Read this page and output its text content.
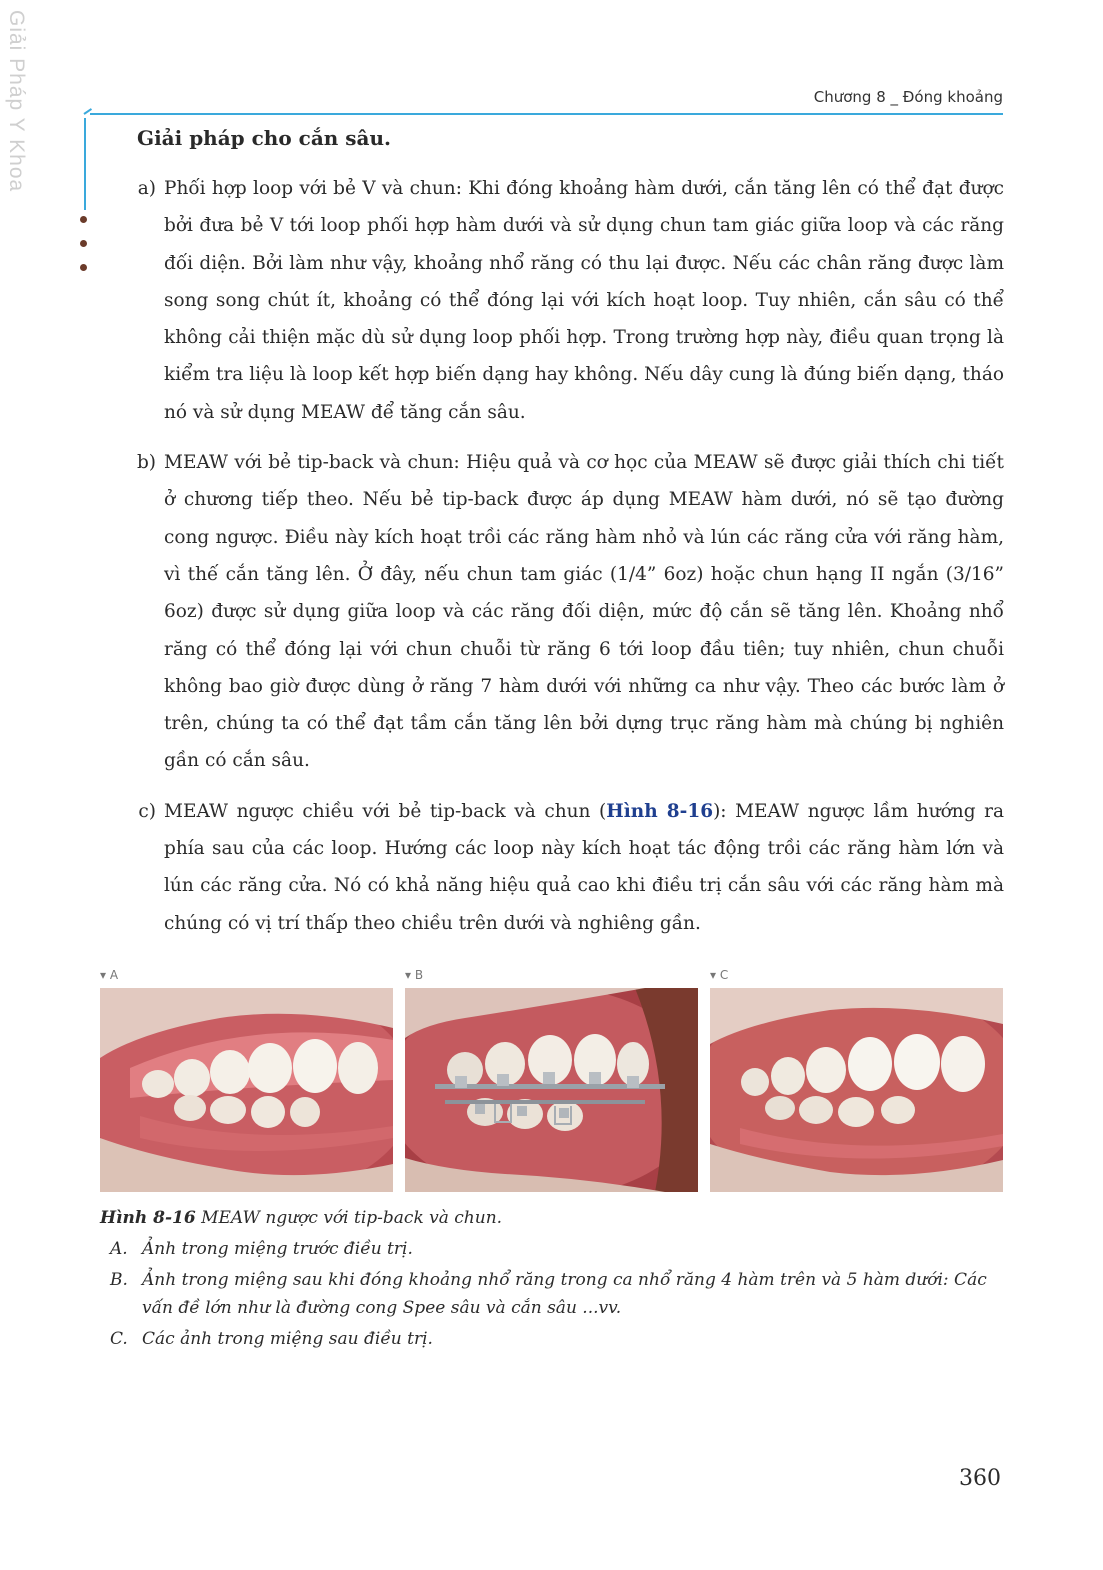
Giải Pháp Y Khoa	Chương 8 _ Đóng khoảng
Giải pháp cho cắn sâu.
a) Phối hợp loop với bẻ V và chun: Khi đóng khoảng hàm dưới, cắn tăng lên có thể đạt được bởi đưa bẻ V tới loop phối hợp hàm dưới và sử dụng chun tam giác giữa loop và các răng đối diện. Bởi làm như vậy, khoảng nhổ răng có thu lại được. Nếu các chân răng được làm song song chút ít, khoảng có thể đóng lại với kích hoạt loop. Tuy nhiên, cắn sâu có thể không cải thiện mặc dù sử dụng loop phối hợp. Trong trường hợp này, điều quan trọng là kiểm tra liệu là loop kết hợp biến dạng hay không. Nếu dây cung là đúng biến dạng, tháo nó và sử dụng MEAW để tăng cắn sâu.
b) MEAW với bẻ tip-back và chun: Hiệu quả và cơ học của MEAW sẽ được giải thích chi tiết ở chương tiếp theo. Nếu bẻ tip-back được áp dụng MEAW hàm dưới, nó sẽ tạo đường cong ngược. Điều này kích hoạt trồi các răng hàm nhỏ và lún các răng cửa với răng hàm, vì thế cắn tăng lên. Ở đây, nếu chun tam giác (1/4” 6oz) hoặc chun hạng II ngắn (3/16” 6oz) được sử dụng giữa loop và các răng đối diện, mức độ cắn sẽ tăng lên. Khoảng nhổ răng có thể đóng lại với chun chuỗi từ răng 6 tới loop đầu tiên; tuy nhiên, chun chuỗi không bao giờ được dùng ở răng 7 hàm dưới với những ca như vậy. Theo các bước làm ở trên, chúng ta có thể đạt tầm cắn tăng lên bởi dựng trục răng hàm mà chúng bị nghiên gần có cắn sâu.
c) MEAW ngược chiều với bẻ tip-back và chun (Hình 8-16): MEAW ngược lầm hướng ra phía sau của các loop. Hướng các loop này kích hoạt tác động trồi các răng hàm lớn và lún các răng cửa. Nó có khả năng hiệu quả cao khi điều trị cắn sâu với các răng hàm mà chúng có vị trí thấp theo chiều trên dưới và nghiêng gần.
▾ A	▾ B	▾ C
Hình 8-16 MEAW ngược với tip-back và chun.
A. Ảnh trong miệng trước điều trị.
B. Ảnh trong miệng sau khi đóng khoảng nhổ răng trong ca nhổ răng 4 hàm trên và 5 hàm dưới: Các vấn đề lớn như là đường cong Spee sâu và cắn sâu ...vv.
C. Các ảnh trong miệng sau điều trị.
360
